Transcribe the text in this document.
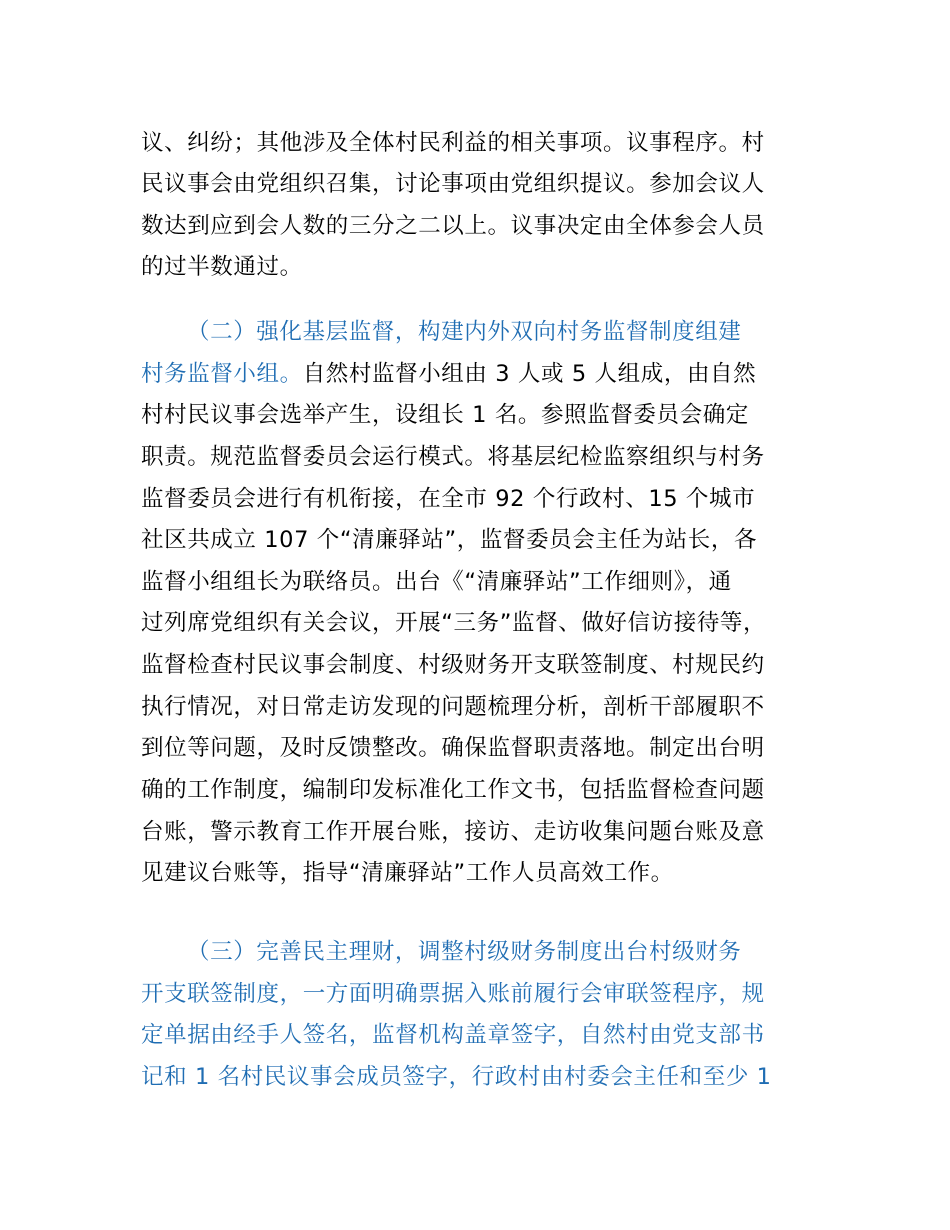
议、纠纷；其他涉及全体村民利益的相关事项。议事程序。村
民议事会由党组织召集，讨论事项由党组织提议。参加会议人
数达到应到会人数的三分之二以上。议事决定由全体参会人员
的过半数通过。
（二）强化基层监督，构建内外双向村务监督制度组建
村务监督小组。自然村监督小组由 3 人或 5 人组成，由自然
村村民议事会选举产生，设组长 1 名。参照监督委员会确定
职责。规范监督委员会运行模式。将基层纪检监察组织与村务
监督委员会进行有机衔接，在全市 92 个行政村、15 个城市
社区共成立 107 个“清廉驿站”，监督委员会主任为站长，各
监督小组组长为联络员。出台《“清廉驿站”工作细则》，通
过列席党组织有关会议，开展“三务”监督、做好信访接待等，
监督检查村民议事会制度、村级财务开支联签制度、村规民约
执行情况，对日常走访发现的问题梳理分析，剖析干部履职不
到位等问题，及时反馈整改。确保监督职责落地。制定出台明
确的工作制度，编制印发标准化工作文书，包括监督检查问题
台账，警示教育工作开展台账，接访、走访收集问题台账及意
见建议台账等，指导“清廉驿站”工作人员高效工作。
（三）完善民主理财，调整村级财务制度出台村级财务
开支联签制度，一方面明确票据入账前履行会审联签程序，规
定单据由经手人签名，监督机构盖章签字，自然村由党支部书
记和 1 名村民议事会成员签字，行政村由村委会主任和至少 1
